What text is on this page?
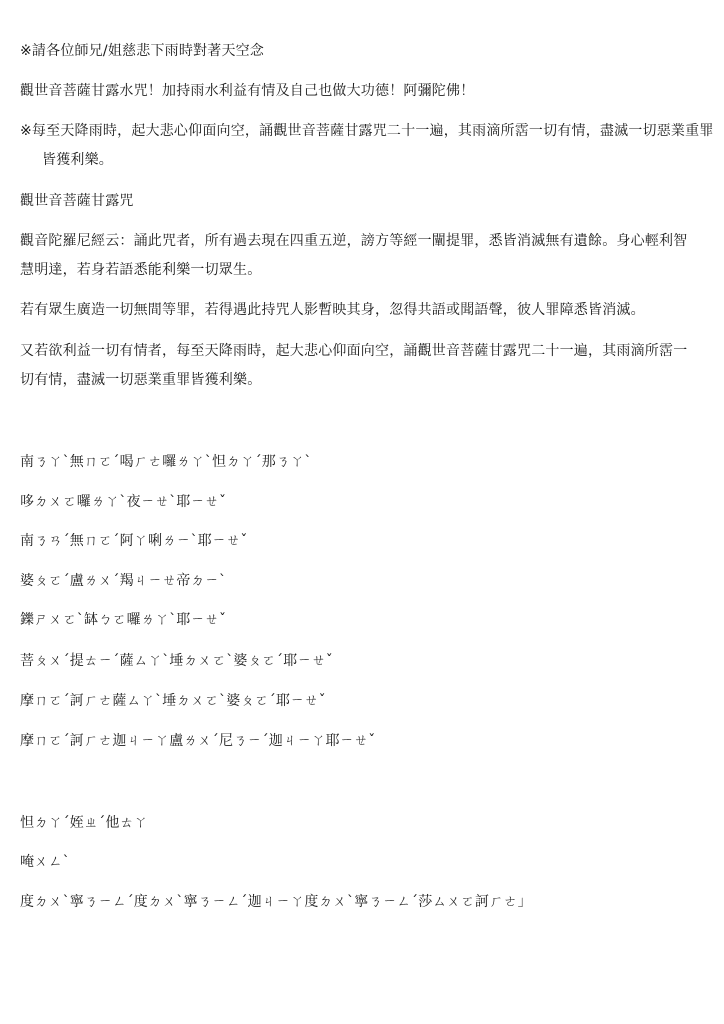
※請各位師兄/姐慈悲下雨時對著天空念
觀世音菩薩甘露水咒！加持雨水利益有情及自己也做大功德！阿彌陀佛！
※每至天降雨時，起大悲心仰面向空，誦觀世音菩薩甘露咒二十一遍，其雨滴所霑一切有情，盡滅一切惡業重罪皆獲利樂。
觀世音菩薩甘露咒
觀音陀羅尼經云：誦此咒者，所有過去現在四重五逆，謗方等經一闡提罪，悉皆消滅無有遺餘。身心輕利智慧明達，若身若語悉能利樂一切眾生。
若有眾生廣造一切無間等罪，若得遇此持咒人影暫映其身，忽得共語或聞語聲，彼人罪障悉皆消滅。
又若欲利益一切有情者，每至天降雨時，起大悲心仰面向空，誦觀世音菩薩甘露咒二十一遍，其雨滴所霑一切有情，盡滅一切惡業重罪皆獲利樂。
南ㄋㄚˋ無ㄇㄛˊ喝ㄏㄜ囉ㄌㄚˋ怛ㄉㄚˊ那ㄋㄚˋ
哆ㄉㄨㄛ囉ㄌㄚˋ夜ㄧㄝˋ耶ㄧㄝˇ
南ㄋㄢˊ無ㄇㄛˊ阿ㄚ唎ㄌㄧˋ耶ㄧㄝˇ
婆ㄆㄛˊ盧ㄌㄨˊ羯ㄐㄧㄝ帝ㄉㄧˋ
鑠ㄕㄨㄛˋ缽ㄅㄛ囉ㄌㄚˋ耶ㄧㄝˇ
菩ㄆㄨˊ提ㄊㄧˊ薩ㄙㄚˋ埵ㄉㄨㄛˋ婆ㄆㄛˊ耶ㄧㄝˇ
摩ㄇㄛˊ訶ㄏㄜ薩ㄙㄚˋ埵ㄉㄨㄛˋ婆ㄆㄛˊ耶ㄧㄝˇ
摩ㄇㄛˊ訶ㄏㄜ迦ㄐㄧㄚ盧ㄌㄨˊ尼ㄋㄧˊ迦ㄐㄧㄚ耶ㄧㄝˇ
怛ㄉㄚˊ姪ㄓˊ他ㄊㄚ
唵ㄨㄥˋ
度ㄉㄨˋ寧ㄋㄧㄥˊ度ㄉㄨˋ寧ㄋㄧㄥˊ迦ㄐㄧㄚ度ㄉㄨˋ寧ㄋㄧㄥˊ莎ㄙㄨㄛ訶ㄏㄜ」
